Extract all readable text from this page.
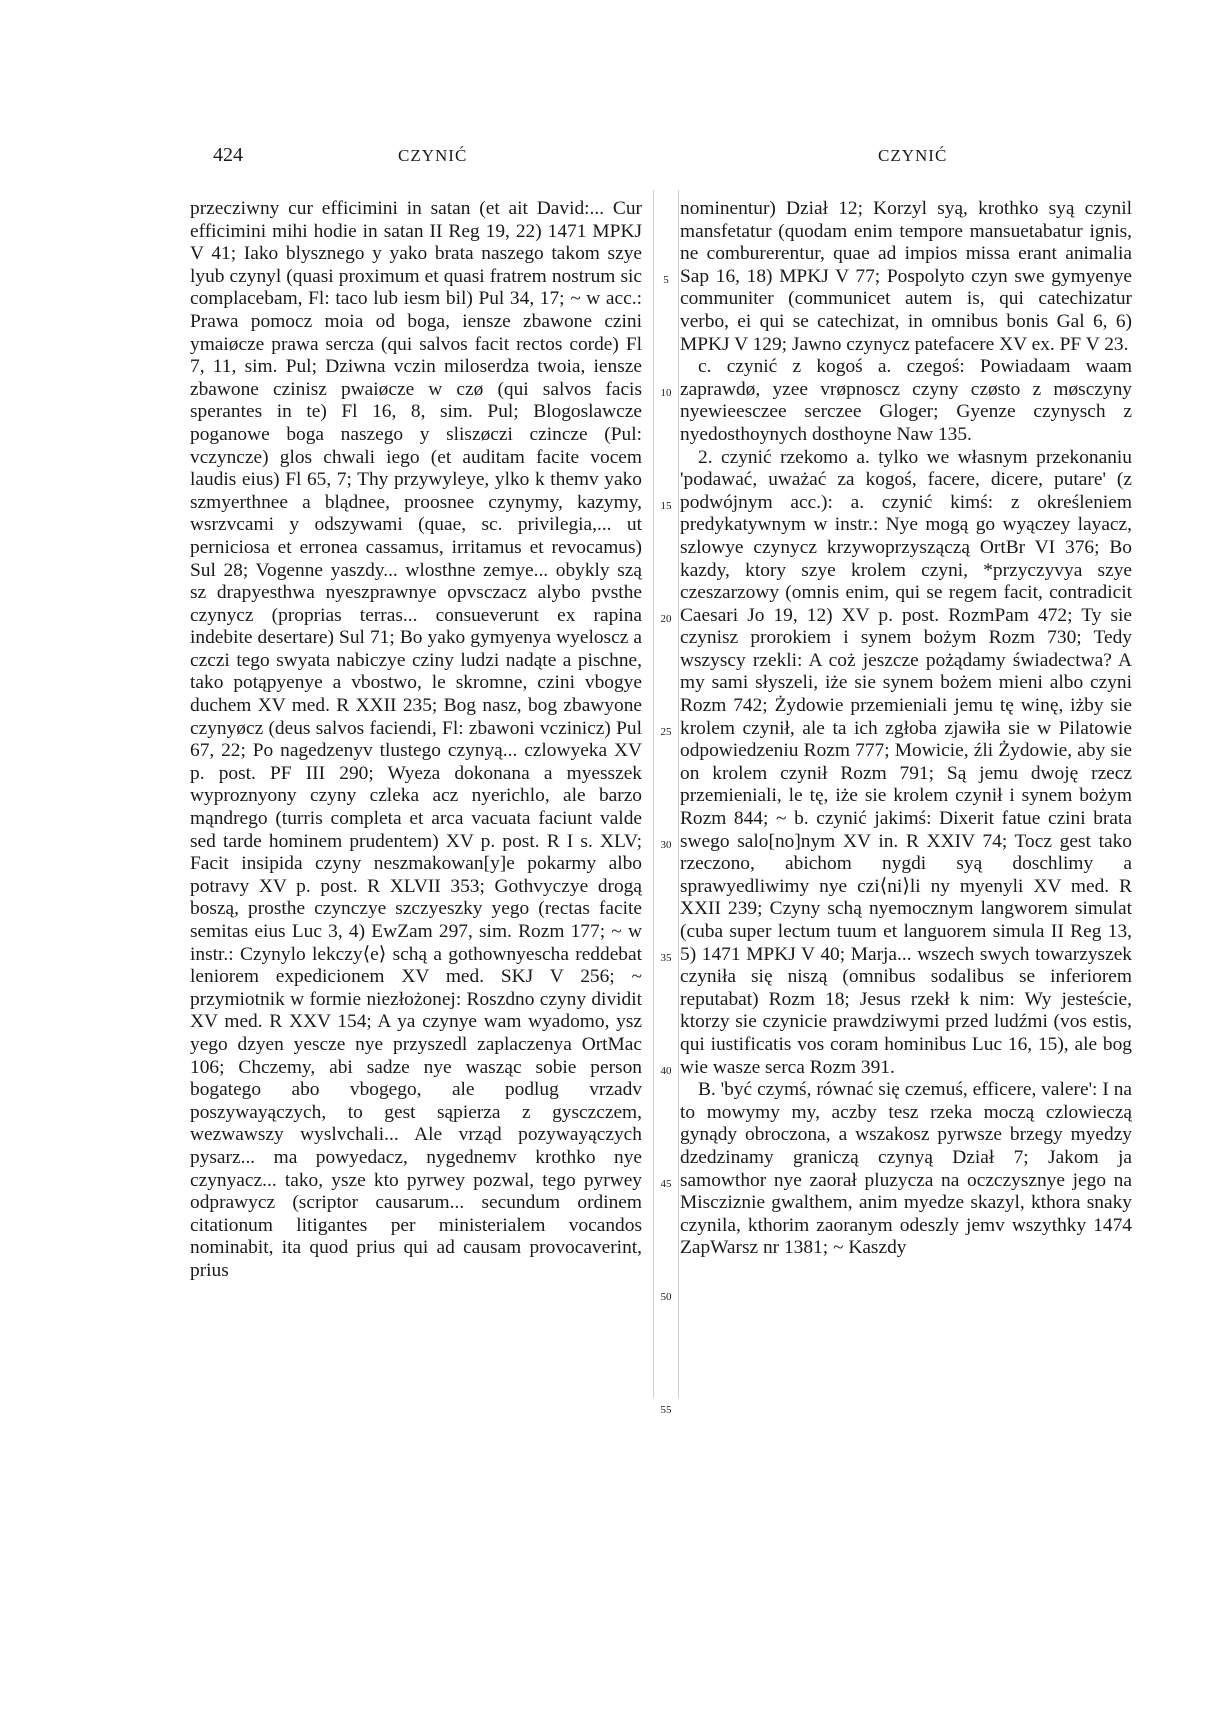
424	CZYNIĆ	CZYNIĆ

przecziwny cur efficimini in satan (et ait David:... Cur efficimini mihi hodie in satan II Reg 19, 22) 1471 MPKJ V 41; Iako blysznego y yako brata naszego takom szye lyub czynyl (quasi proximum et quasi fratrem nostrum sic complacebam, Fl: taco lub iesm bil) Pul 34, 17; ~ w acc.: Prawa pomocz moia od boga, iensze zbawone czini ymaiøcze prawa sercza (qui salvos facit rectos corde) Fl 7, 11, sim. Pul; Dziwna vczin miloserdza twoia, iensze zbawone czinisz pwaiøcze w czø (qui salvos facis sperantes in te) Fl 16, 8, sim. Pul; Blogoslawcze poganowe boga naszego y sliszøczi czincze (Pul: vczyncze) glos chwali iego (et auditam facite vocem laudis eius) Fl 65, 7; Thy przywyleye, ylko k themv yako szmyerthnee a blądnee, proosnee czynymy, kazymy, wsrzvcami y odszywami (quae, sc. privilegia,... ut perniciosa et erronea cassamus, irritamus et revocamus) Sul 28; Vogenne yaszdy... wlosthne zemye... obykly szą sz drapyesthwa nyeszprawnye opvsczacz alybo pvsthe czynycz (proprias terras... consueverunt ex rapina indebite desertare) Sul 71; Bo yako gymyenya wyeloscz a czczi tego swyata nabiczye cziny ludzi nadąte a pischne, tako potąpyenye a vbostwo, le skromne, czini vbogye duchem XV med. R XXII 235; Bog nasz, bog zbawyone czynyøcz (deus salvos faciendi, Fl: zbawoni vczinicz) Pul 67, 22; Po nagedzenyv tlustego czynyą... czlowyeka XV p. post. PF III 290; Wyeza dokonana a myesszek wyproznyony czyny czleka acz nyerichlo, ale barzo mąndrego (turris completa et arca vacuata faciunt valde sed tarde hominem prudentem) XV p. post. R I s. XLV; Facit insipida czyny neszmakowan[y]e pokarmy albo potravy XV p. post. R XLVII 353; Gothvyczye drogą boszą, prosthe czynczye szczyeszky yego (rectas facite semitas eius Luc 3, 4) EwZam 297, sim. Rozm 177; ~ w instr.: Czynylo lekczy⟨e⟩ schą a gothownyescha reddebat leniorem expedicionem XV med. SKJ V 256; ~ przymiotnik w formie niezłożonej: Roszdno czyny dividit XV med. R XXV 154; A ya czynye wam wyadomo, ysz yego dzyen yescze nye przyszedl zaplaczenya OrtMac 106; Chczemy, abi sadze nye wasząc sobie person bogatego abo vbogego, ale podlug vrzadv poszywayączych, to gest sąpierza z gysczczem, wezwawszy wyslvchali... Ale vrząd pozywayączych pysarz... ma powyedacz, nygednemv krothko nye czynyacz... tako, ysze kto pyrwey pozwal, tego pyrwey odprawycz (scriptor causarum... secundum ordinem citationum litigantes per ministerialem vocandos nominabit, ita quod prius qui ad causam provocaverint, prius

5
10
15
20
25
30
35
40
45
50
55

nominentur) Dział 12; Korzyl syą, krothko syą czynil mansfetatur (quodam enim tempore mansuetabatur ignis, ne comburerentur, quae ad impios missa erant animalia Sap 16, 18) MPKJ V 77; Pospolyto czyn swe gymyenye communiter (communicet autem is, qui catechizatur verbo, ei qui se catechizat, in omnibus bonis Gal 6, 6) MPKJ V 129; Jawno czynycz patefacere XV ex. PF V 23.

c. czynić z kogoś a. czegoś: Powiadaam waam zaprawdø, yzee vrøpnoscz czyny czøsto z møsczyny nyewieesczee serczee Gloger; Gyenze czynysch z nyedosthoynych dosthoyne Naw 135.

2. czynić rzekomo a. tylko we własnym przekonaniu 'podawać, uważać za kogoś, facere, dicere, putare' (z podwójnym acc.): a. czynić kimś: z określeniem predykatywnym w instr.: Nye mogą go wyączey layacz, szlowye czynycz krzywoprzyszączą OrtBr VI 376; Bo kazdy, ktory szye krolem czyni, *przyczyvya szye czeszarzowy (omnis enim, qui se regem facit, contradicit Caesari Jo 19, 12) XV p. post. RozmPam 472; Ty sie czynisz prorokiem i synem bożym Rozm 730; Tedy wszyscy rzekli: A coż jeszcze pożądamy świadectwa? A my sami słyszeli, iże sie synem bożem mieni albo czyni Rozm 742; Żydowie przemieniali jemu tę winę, iżby sie krolem czynił, ale ta ich zgłoba zjawiła sie w Pilatowie odpowiedzeniu Rozm 777; Mowicie, źli Żydowie, aby sie on krolem czynił Rozm 791; Są jemu dwoję rzecz przemieniali, le tę, iże sie krolem czynił i synem bożym Rozm 844; ~ b. czynić jakimś: Dixerit fatue czini brata swego salo[no]nym XV in. R XXIV 74; Tocz gest tako rzeczono, abichom nygdi syą doschlimy a sprawyedliwimy nye czi⟨ni⟩li ny myenyli XV med. R XXII 239; Czyny schą nyemocznym langworem simulat (cuba super lectum tuum et languorem simula II Reg 13, 5) 1471 MPKJ V 40; Marja... wszech swych towarzyszek czyniła się niszą (omnibus sodalibus se inferiorem reputabat) Rozm 18; Jesus rzekł k nim: Wy jesteście, ktorzy sie czynicie prawdziwymi przed ludźmi (vos estis, qui iustificatis vos coram hominibus Luc 16, 15), ale bog wie wasze serca Rozm 391.

B. 'być czymś, równać się czemuś, efficere, valere': I na to mowymy my, aczby tesz rzeka moczą czlowieczą gynądy obroczona, a wszakosz pyrwsze brzegy myedzy dzedzinamy graniczą czynyą Dział 7; Jakom ja samowthor nye zaorał pluzycza na oczczysznye jego na Miscziznie gwalthem, anim myedze skazyl, kthora snaky czynila, kthorim zaoranym odeszly jemv wszythky 1474 ZapWarsz nr 1381; ~ Kaszdy
